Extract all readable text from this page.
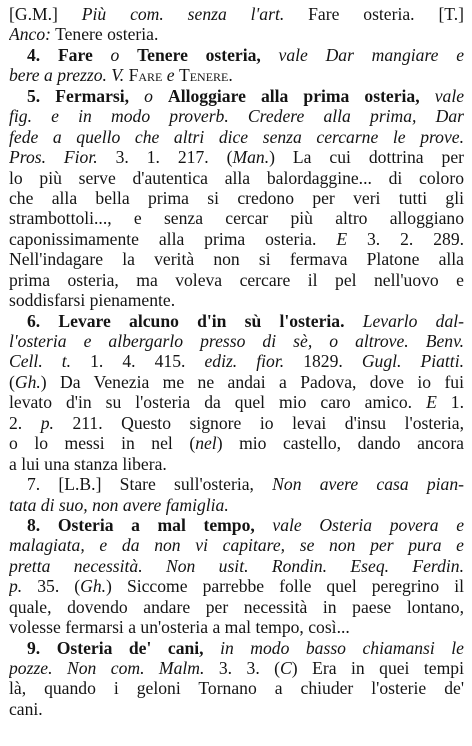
[G.M.] Più com. senza l'art. Fare osteria. [T.]
Anco: Tenere osteria.
4. Fare o Tenere osteria, vale Dar mangiare e
bere a prezzo. V. Fare e Tenere.
5. Fermarsi, o Alloggiare alla prima osteria, vale
fig. e in modo proverb. Credere alla prima, Dar
fede a quello che altri dice senza cercarne le prove.
Pros. Fior. 3. 1. 217. (Man.) La cui dottrina per
lo più serve d'autentica alla balordaggine... di coloro
che alla bella prima si credono per veri tutti gli
strambottoli..., e senza cercar più altro alloggiano
caponissimamente alla prima osteria. E 3. 2. 289.
Nell'indagare la verità non si fermava Platone alla
prima osteria, ma voleva cercare il pel nell'uovo e
soddisfarsi pienamente.
6. Levare alcuno d'in sù l'osteria. Levarlo dal-
l'osteria e albergarlo presso di sè, o altrove. Benv.
Cell. t. 1. 4. 415. ediz. fior. 1829. Gugl. Piatti.
(Gh.) Da Venezia me ne andai a Padova, dove io fui
levato d'in su l'osteria da quel mio caro amico. E 1.
2. p. 211. Questo signore io levai d'insu l'osteria,
o lo messi in nel (nel) mio castello, dando ancora
a lui una stanza libera.
7. [L.B.] Stare sull'osteria, Non avere casa pian-
tata di suo, non avere famiglia.
8. Osteria a mal tempo, vale Osteria povera e
malagiata, e da non vi capitare, se non per pura e
pretta necessità. Non usit. Rondin. Eseq. Ferdin.
p. 35. (Gh.) Siccome parrebbe folle quel peregrino il
quale, dovendo andare per necessità in paese lontano,
volesse fermarsi a un'osteria a mal tempo, così...
9. Osteria de' cani, in modo basso chiamansi le
pozze. Non com. Malm. 3. 3. (C) Era in quei tempi
là, quando i geloni Tornano a chiuder l'osterie de'
cani.
